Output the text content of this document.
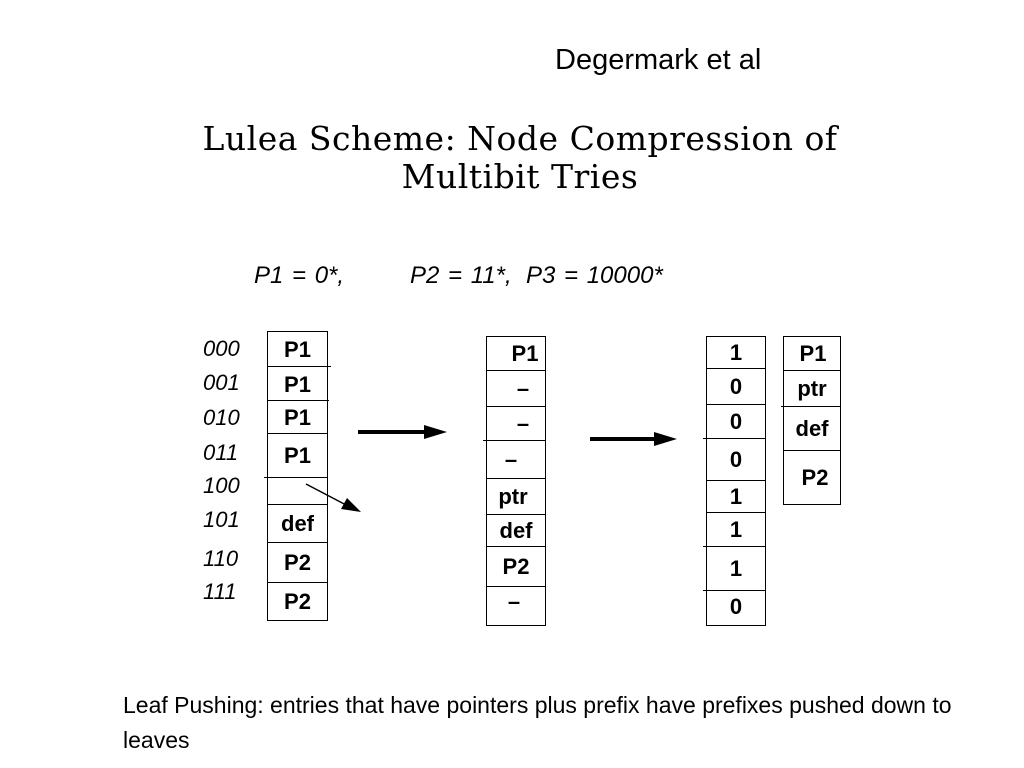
Degermark et al
Lulea Scheme: Node Compression of
Multibit Tries
P1 = 0*,	P2 = 11*, P3 = 10000*
000
001
010
011
100
101
110
111
P1
P1
P1
P1
def
P2
P2
P1
–
–
–
ptr
def
P2
–
1
0
0
0
1
1
1
0
P1
ptr
def
P2
Leaf Pushing: entries that have pointers plus prefix have prefixes pushed down to leaves
